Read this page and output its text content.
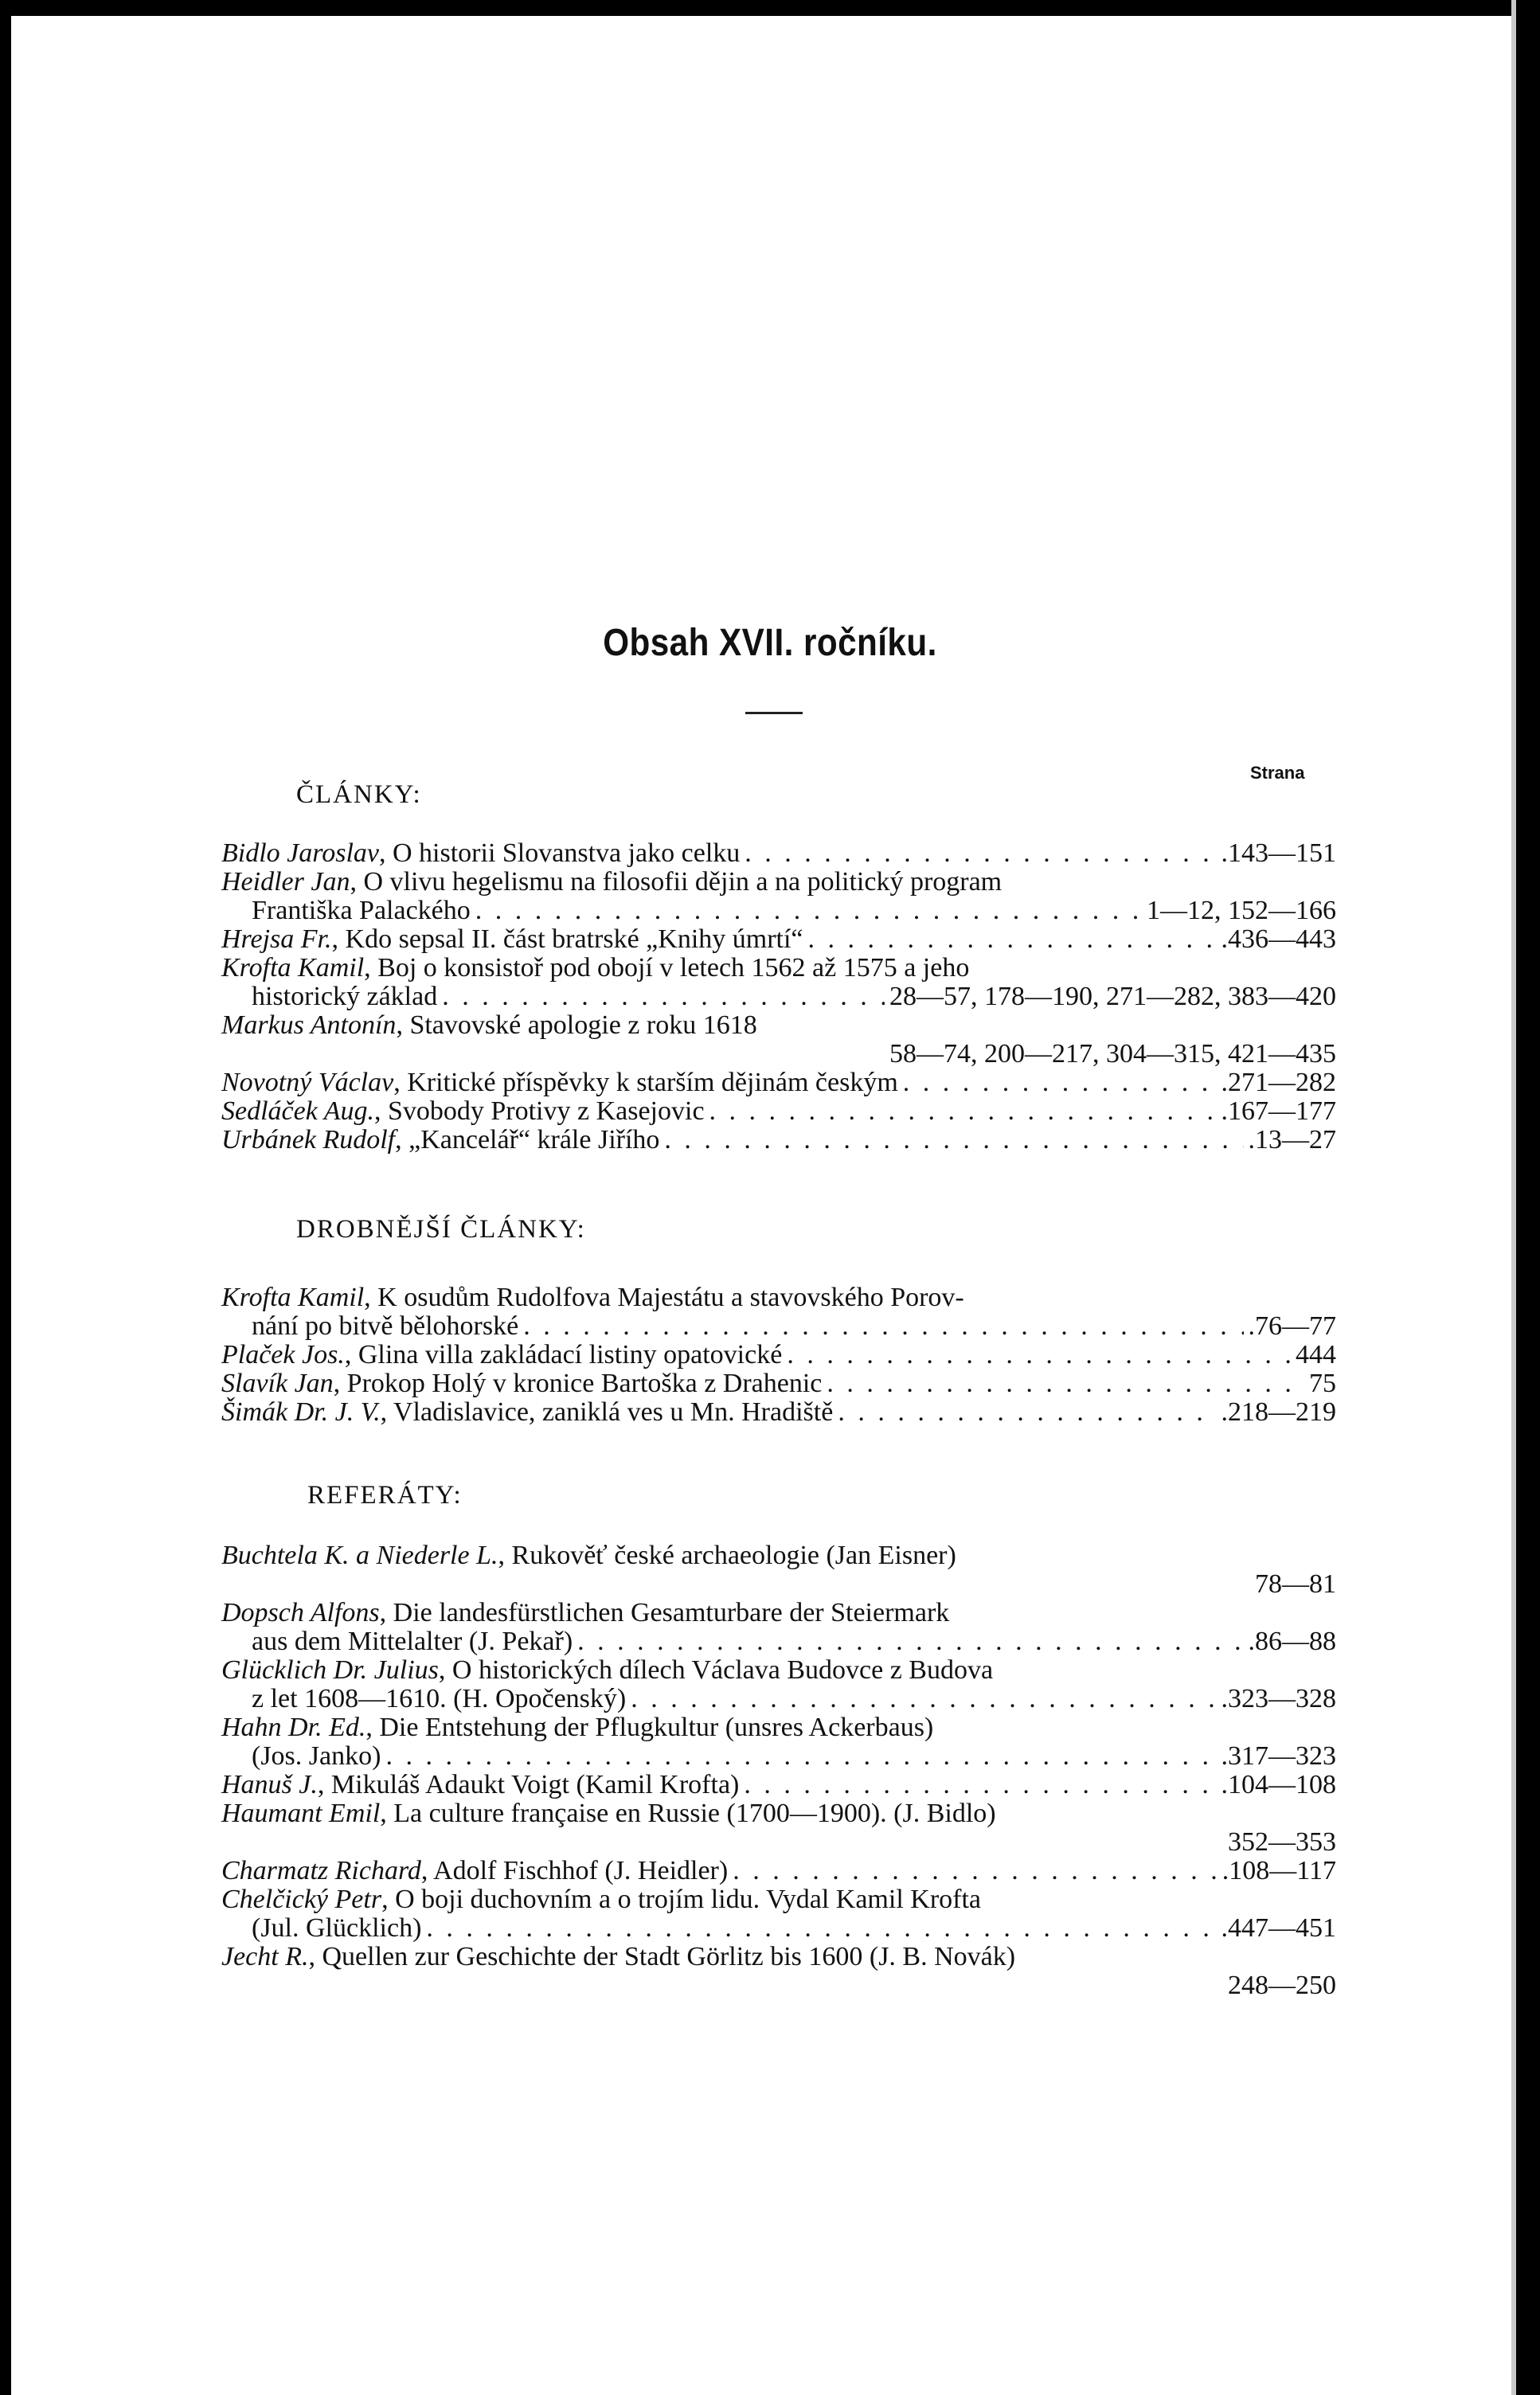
Obsah XVII. ročníku.
Strana
ČLÁNKY:
Bidlo Jaroslav, O historii Slovanstva jako celku . . .	.143—151
Heidler Jan, O vlivu hegelismu na filosofii dějin a na politický program
Františka Palackého . . .	1—12, 152—166
Hrejsa Fr., Kdo sepsal II. část bratrské „Knihy úmrtí“ . . .	.436—443
Krofta Kamil, Boj o konsistoř pod obojí v letech 1562 až 1575 a jeho
historický základ . . .	28—57, 178—190, 271—282, 383—420
Markus Antonín, Stavovské apologie z roku 1618
58—74, 200—217, 304—315, 421—435
Novotný Václav, Kritické příspěvky k starším dějinám českým . . .	.271—282
Sedláček Aug., Svobody Protivy z Kasejovic . . .	.167—177
Urbánek Rudolf, „Kancelář“ krále Jiřího . . .	.13—27
DROBNĚJŠÍ ČLÁNKY:
Krofta Kamil, K osudům Rudolfova Majestátu a stavovského Porov-
nání po bitvě bělohorské . . .	.76—77
Plaček Jos., Glina villa zakládací listiny opatovické . . .	444
Slavík Jan, Prokop Holý v kronice Bartoška z Drahenic . . .	75
Šimák Dr. J. V., Vladislavice, zaniklá ves u Mn. Hradiště . . .	.218—219
REFERÁTY:
Buchtela K. a Niederle L., Rukověť české archaeologie (Jan Eisner)
78—81
Dopsch Alfons, Die landesfürstlichen Gesamturbare der Steiermark
aus dem Mittelalter (J. Pekař) . . .	.86—88
Glücklich Dr. Julius, O historických dílech Václava Budovce z Budova
z let 1608—1610. (H. Opočenský) . . .	.323—328
Hahn Dr. Ed., Die Entstehung der Pflugkultur (unsres Ackerbaus)
(Jos. Janko) . . .	.317—323
Hanuš J., Mikuláš Adaukt Voigt (Kamil Krofta) . . .	.104—108
Haumant Emil, La culture française en Russie (1700—1900). (J. Bidlo)
352—353
Charmatz Richard, Adolf Fischhof (J. Heidler) . . .	.108—117
Chelčický Petr, O boji duchovním a o trojím lidu. Vydal Kamil Krofta
(Jul. Glücklich) . . .	.447—451
Jecht R., Quellen zur Geschichte der Stadt Görlitz bis 1600 (J. B. Novák)
248—250
